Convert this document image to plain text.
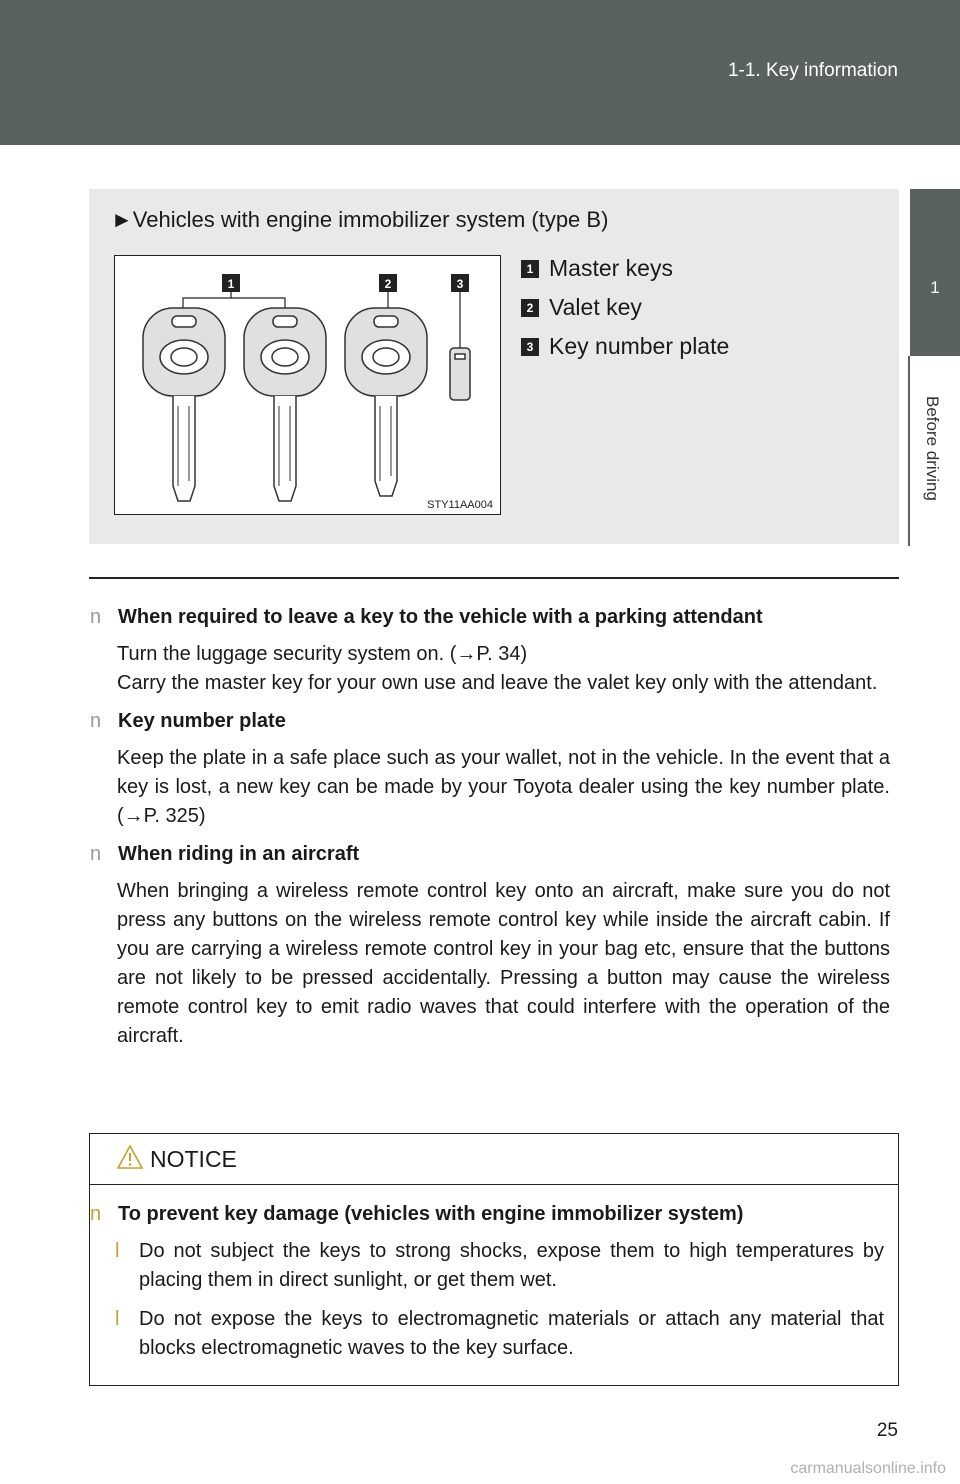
1-1. Key information
1
Before driving
►Vehicles with engine immobilizer system (type B)
1	2	3
STY11AA004
1 Master keys
2 Valet key
3 Key number plate
n When required to leave a key to the vehicle with a parking attendant
Turn the luggage security system on. (→P. 34)
Carry the master key for your own use and leave the valet key only with the attendant.
n Key number plate
Keep the plate in a safe place such as your wallet, not in the vehicle. In the event that a key is lost, a new key can be made by your Toyota dealer using the key number plate. (→P. 325)
n When riding in an aircraft
When bringing a wireless remote control key onto an aircraft, make sure you do not press any buttons on the wireless remote control key while inside the aircraft cabin. If you are carrying a wireless remote control key in your bag etc, ensure that the buttons are not likely to be pressed accidentally. Pressing a button may cause the wireless remote control key to emit radio waves that could interfere with the operation of the aircraft.
NOTICE
n To prevent key damage (vehicles with engine immobilizer system)
l Do not subject the keys to strong shocks, expose them to high temperatures by placing them in direct sunlight, or get them wet.
l Do not expose the keys to electromagnetic materials or attach any material that blocks electromagnetic waves to the key surface.
25
carmanualsonline.info
